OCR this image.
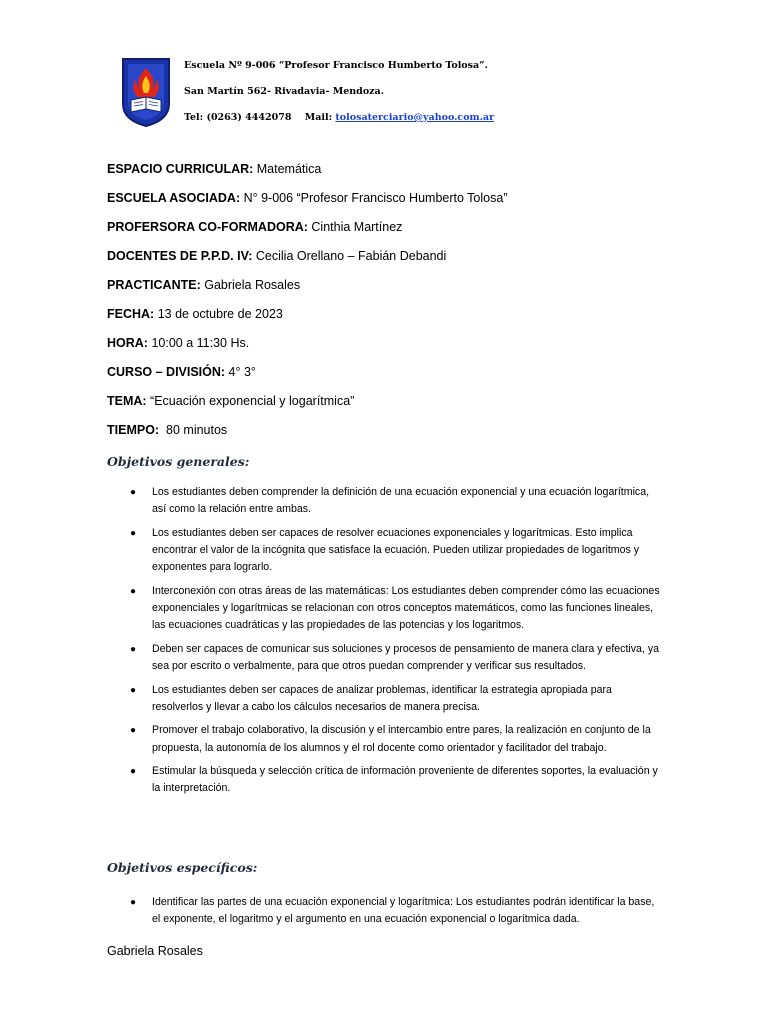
Escuela Nº 9-006 “Profesor Francisco Humberto Tolosa”.
San Martín 562- Rivadavia- Mendoza.
Tel: (0263) 4442078 Mail: tolosaterciario@yahoo.com.ar
ESPACIO CURRICULAR: Matemática
ESCUELA ASOCIADA: N° 9-006 “Profesor Francisco Humberto Tolosa”
PROFERSORA CO-FORMADORA: Cinthia Martínez
DOCENTES DE P.P.D. IV: Cecilia Orellano – Fabián Debandi
PRACTICANTE: Gabriela Rosales
FECHA: 13 de octubre de 2023
HORA: 10:00 a 11:30 Hs.
CURSO – DIVISIÓN: 4° 3°
TEMA: “Ecuación exponencial y logarítmica”
TIEMPO:  80 minutos
Objetivos generales:
● Los estudiantes deben comprender la definición de una ecuación exponencial y una ecuación logarítmica, así como la relación entre ambas.
● Los estudiantes deben ser capaces de resolver ecuaciones exponenciales y logarítmicas. Esto implica encontrar el valor de la incógnita que satisface la ecuación. Pueden utilizar propiedades de logaritmos y exponentes para lograrlo.
● Interconexión con otras áreas de las matemáticas: Los estudiantes deben comprender cómo las ecuaciones exponenciales y logarítmicas se relacionan con otros conceptos matemáticos, como las funciones lineales, las ecuaciones cuadráticas y las propiedades de las potencias y los logaritmos.
● Deben ser capaces de comunicar sus soluciones y procesos de pensamiento de manera clara y efectiva, ya sea por escrito o verbalmente, para que otros puedan comprender y verificar sus resultados.
● Los estudiantes deben ser capaces de analizar problemas, identificar la estrategia apropiada para resolverlos y llevar a cabo los cálculos necesarios de manera precisa.
● Promover el trabajo colaborativo, la discusión y el intercambio entre pares, la realización en conjunto de la propuesta, la autonomía de los alumnos y el rol docente como orientador y facilitador del trabajo.
● Estimular la búsqueda y selección crítica de información proveniente de diferentes soportes, la evaluación y la interpretación.
Objetivos específicos:
● Identificar las partes de una ecuación exponencial y logarítmica: Los estudiantes podrán identificar la base, el exponente, el logaritmo y el argumento en una ecuación exponencial o logarítmica dada.
Gabriela Rosales
